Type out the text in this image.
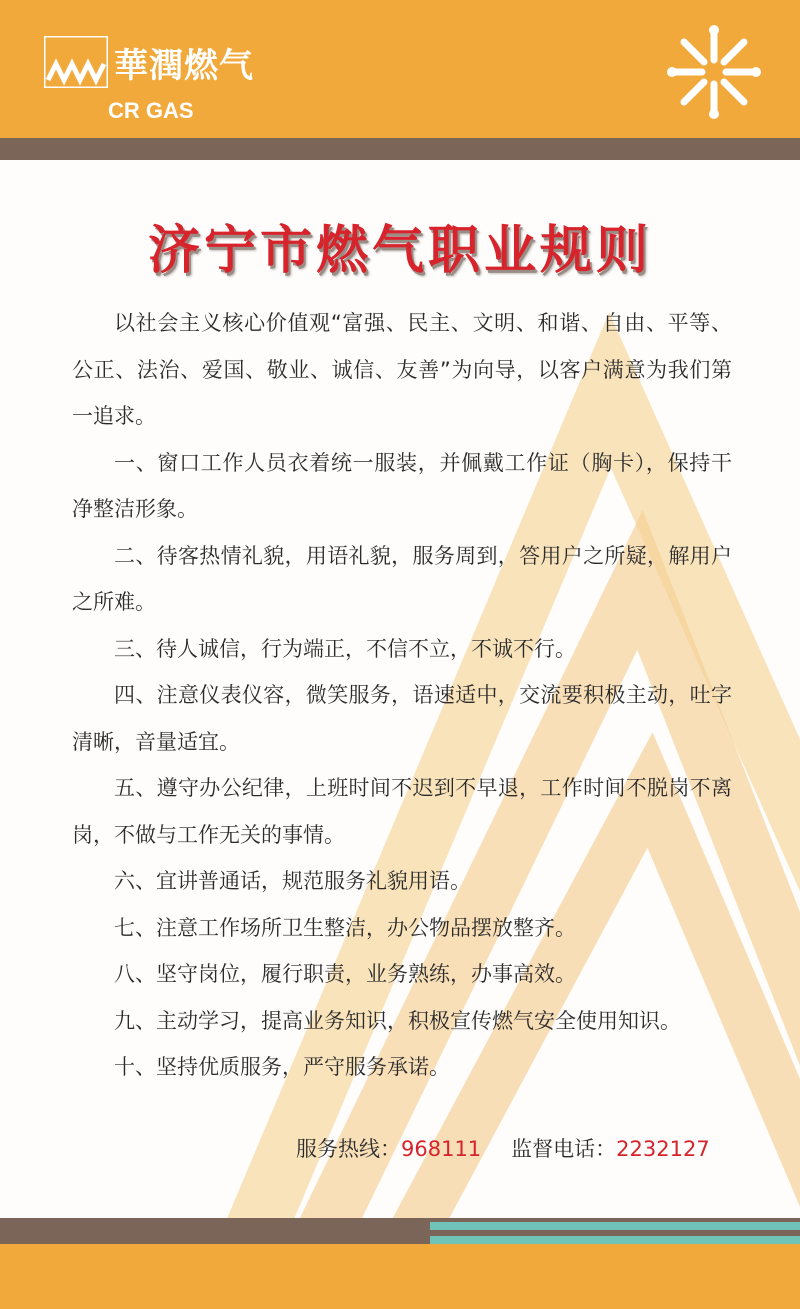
華潤燃气
CR GAS
济宁市燃气职业规则

以社会主义核心价值观“富强、民主、文明、和谐、自由、平等、公正、法治、爱国、敬业、诚信、友善”为向导，以客户满意为我们第一追求。

一、窗口工作人员衣着统一服装，并佩戴工作证（胸卡），保持干净整洁形象。

二、待客热情礼貌，用语礼貌，服务周到，答用户之所疑，解用户之所难。

三、待人诚信，行为端正，不信不立，不诚不行。

四、注意仪表仪容，微笑服务，语速适中，交流要积极主动，吐字清晰，音量适宜。

五、遵守办公纪律，上班时间不迟到不早退，工作时间不脱岗不离岗，不做与工作无关的事情。

六、宜讲普通话，规范服务礼貌用语。

七、注意工作场所卫生整洁，办公物品摆放整齐。

八、坚守岗位，履行职责，业务熟练，办事高效。

九、主动学习，提高业务知识，积极宣传燃气安全使用知识。

十、坚持优质服务，严守服务承诺。

服务热线：968111 监督电话：2232127
